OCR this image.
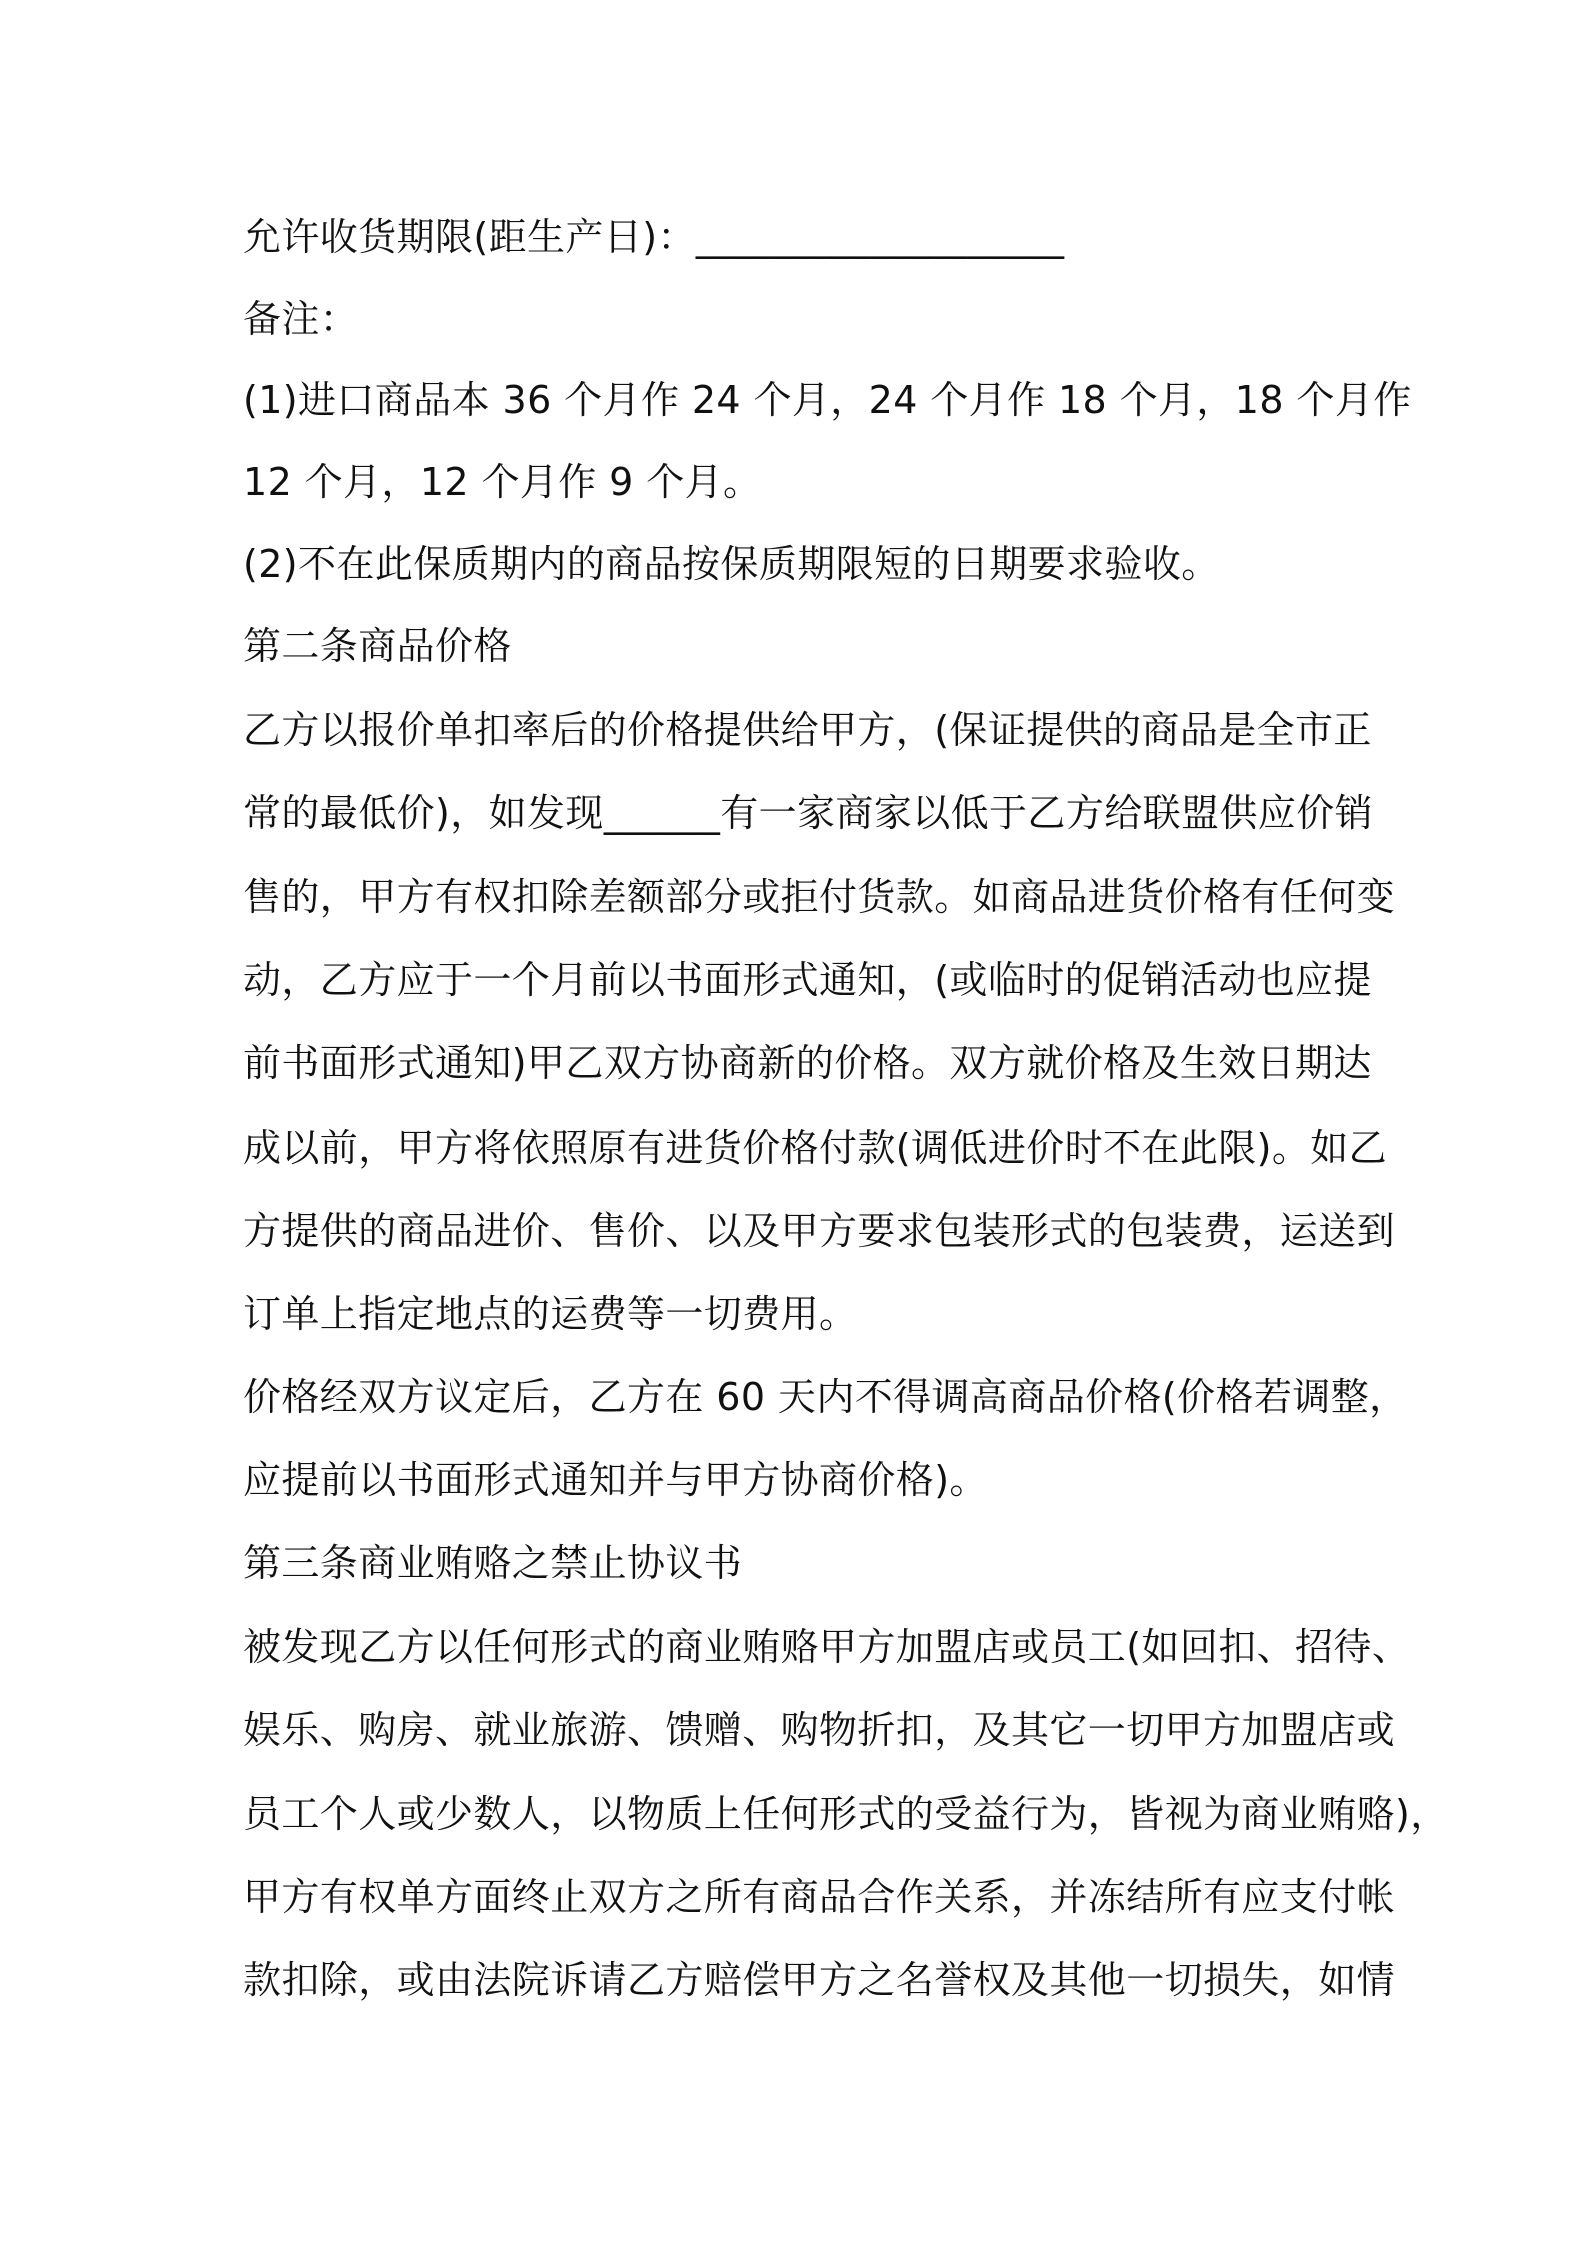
允许收货期限(距生产日)：___________________
备注：
(1)进口商品本 36 个月作 24 个月，24 个月作 18 个月，18 个月作
12 个月，12 个月作 9 个月。
(2)不在此保质期内的商品按保质期限短的日期要求验收。
第二条商品价格
乙方以报价单扣率后的价格提供给甲方，(保证提供的商品是全市正
常的最低价)，如发现______有一家商家以低于乙方给联盟供应价销
售的，甲方有权扣除差额部分或拒付货款。如商品进货价格有任何变
动，乙方应于一个月前以书面形式通知，(或临时的促销活动也应提
前书面形式通知)甲乙双方协商新的价格。双方就价格及生效日期达
成以前，甲方将依照原有进货价格付款(调低进价时不在此限)。如乙
方提供的商品进价、售价、以及甲方要求包装形式的包装费，运送到
订单上指定地点的运费等一切费用。
价格经双方议定后，乙方在 60 天内不得调高商品价格(价格若调整，
应提前以书面形式通知并与甲方协商价格)。
第三条商业贿赂之禁止协议书
被发现乙方以任何形式的商业贿赂甲方加盟店或员工(如回扣、招待、
娱乐、购房、就业旅游、馈赠、购物折扣，及其它一切甲方加盟店或
员工个人或少数人，以物质上任何形式的受益行为，皆视为商业贿赂)，
甲方有权单方面终止双方之所有商品合作关系，并冻结所有应支付帐
款扣除，或由法院诉请乙方赔偿甲方之名誉权及其他一切损失，如情
